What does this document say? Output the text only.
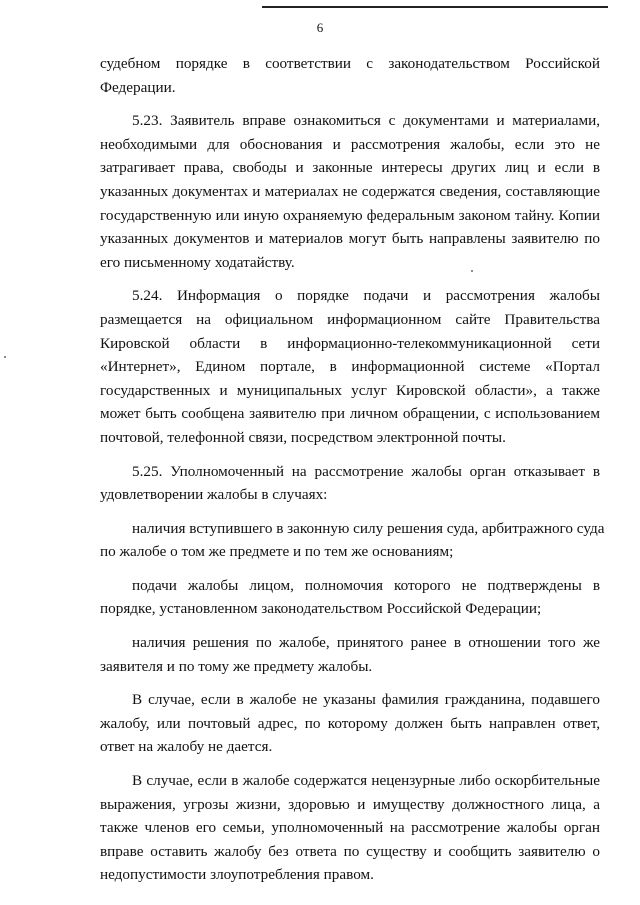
6
судебном порядке в соответствии с законодательством Российской
Федерации.
5.23. Заявитель вправе ознакомиться с документами и материалами,
необходимыми для обоснования и рассмотрения жалобы, если это не
затрагивает права, свободы и законные интересы других лиц и если в
указанных документах и материалах не содержатся сведения, составляющие
государственную или иную охраняемую федеральным законом тайну. Копии
указанных документов и материалов могут быть направлены заявителю по
его письменному ходатайству.
5.24. Информация о порядке подачи и рассмотрения жалобы
размещается на официальном информационном сайте Правительства
Кировской области в информационно-телекоммуникационной сети
«Интернет», Едином портале, в информационной системе «Портал
государственных и муниципальных услуг Кировской области», а также
может быть сообщена заявителю при личном обращении, с использованием
почтовой, телефонной связи, посредством электронной почты.
5.25. Уполномоченный на рассмотрение жалобы орган отказывает в
удовлетворении жалобы в случаях:
наличия вступившего в законную силу решения суда, арбитражного суда
по жалобе о том же предмете и по тем же основаниям;
подачи жалобы лицом, полномочия которого не подтверждены в
порядке, установленном законодательством Российской Федерации;
наличия решения по жалобе, принятого ранее в отношении того же
заявителя и по тому же предмету жалобы.
В случае, если в жалобе не указаны фамилия гражданина, подавшего
жалобу, или почтовый адрес, по которому должен быть направлен ответ,
ответ на жалобу не дается.
В случае, если в жалобе содержатся нецензурные либо оскорбительные
выражения, угрозы жизни, здоровью и имуществу должностного лица, а
также членов его семьи, уполномоченный на рассмотрение жалобы орган
вправе оставить жалобу без ответа по существу и сообщить заявителю о
недопустимости злоупотребления правом.
